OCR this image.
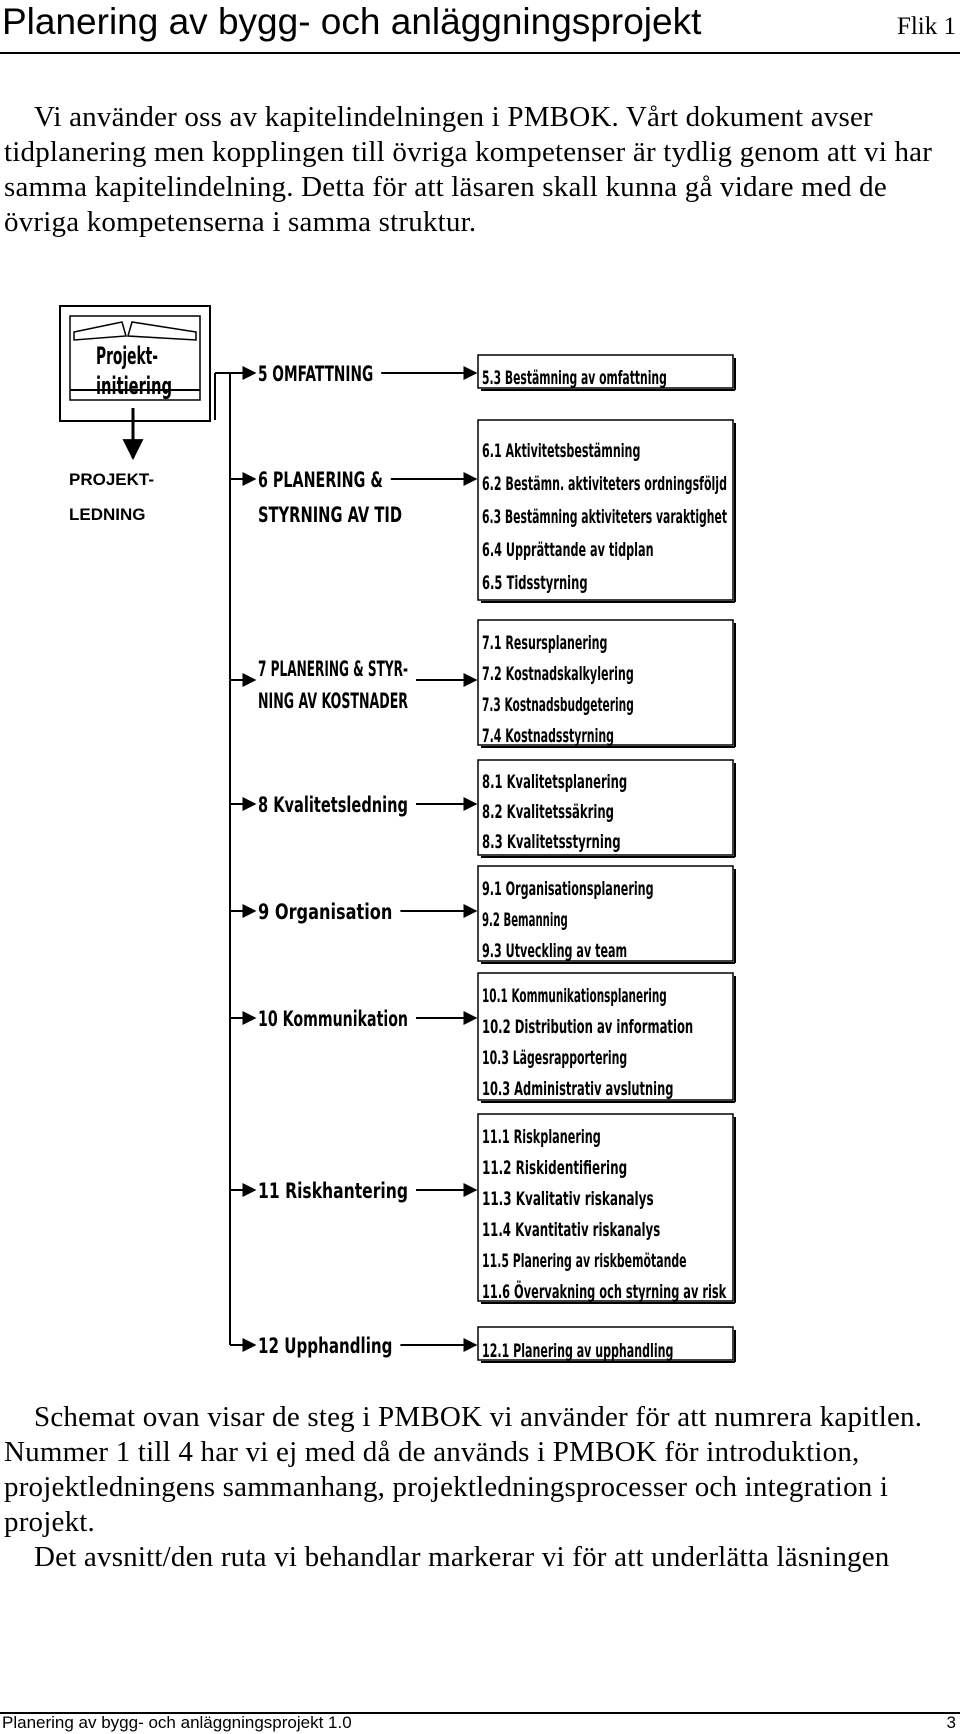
Planering av bygg- och anläggningsprojekt	Flik 1

Vi använder oss av kapitelindelningen i PMBOK. Vårt dokument avser tidplanering men kopplingen till övriga kompetenser är tydlig genom att vi har samma kapitelindelning. Detta för att läsaren skall kunna gå vidare med de övriga kompetenserna i samma struktur.

Projekt-
initiering
PROJEKT-
LEDNING
5 OMFATTNING	5.3 Bestämning av omfattning
6 PLANERING &
STYRNING AV TID
6.1 Aktivitetsbestämning
6.2 Bestämn. aktiviteters ordningsföljd
6.3 Bestämning aktiviteters varaktighet
6.4 Upprättande av tidplan
6.5 Tidsstyrning
7 PLANERING & STYR-
NING AV KOSTNADER
7.1 Resursplanering
7.2 Kostnadskalkylering
7.3 Kostnadsbudgetering
7.4 Kostnadsstyrning
8 Kvalitetsledning
8.1 Kvalitetsplanering
8.2 Kvalitetssäkring
8.3 Kvalitetsstyrning
9 Organisation
9.1 Organisationsplanering
9.2 Bemanning
9.3 Utveckling av team
10 Kommunikation
10.1 Kommunikationsplanering
10.2 Distribution av information
10.3 Lägesrapportering
10.3 Administrativ avslutning
11 Riskhantering
11.1 Riskplanering
11.2 Riskidentifiering
11.3 Kvalitativ riskanalys
11.4 Kvantitativ riskanalys
11.5 Planering av riskbemötande
11.6 Övervakning och styrning av risk
12 Upphandling	12.1 Planering av upphandling

Schemat ovan visar de steg i PMBOK vi använder för att numrera kapitlen. Nummer 1 till 4 har vi ej med då de används i PMBOK för introduktion, projektledningens sammanhang, projektledningsprocesser och integration i projekt.

Det avsnitt/den ruta vi behandlar markerar vi för att underlätta läsningen

Planering av bygg- och anläggningsprojekt 1.0	3
